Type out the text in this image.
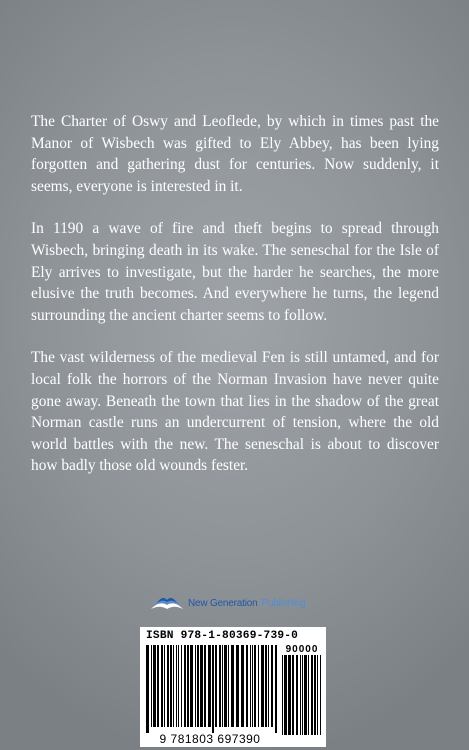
The Charter of Oswy and Leoflede, by which in times past the Manor of Wisbech was gifted to Ely Abbey, has been lying forgotten and gathering dust for centuries. Now suddenly, it seems, everyone is interested in it.

In 1190 a wave of fire and theft begins to spread through Wisbech, bringing death in its wake. The seneschal for the Isle of Ely arrives to investigate, but the harder he searches, the more elusive the truth becomes. And everywhere he turns, the legend surrounding the ancient charter seems to follow.

The vast wilderness of the medieval Fen is still untamed, and for local folk the horrors of the Norman Invasion have never quite gone away. Beneath the town that lies in the shadow of the great Norman castle runs an undercurrent of tension, where the old world battles with the new. The seneschal is about to discover how badly those old wounds fester.

New Generation Publishing
ISBN 978-1-80369-739-0
90000
9 781803 697390
